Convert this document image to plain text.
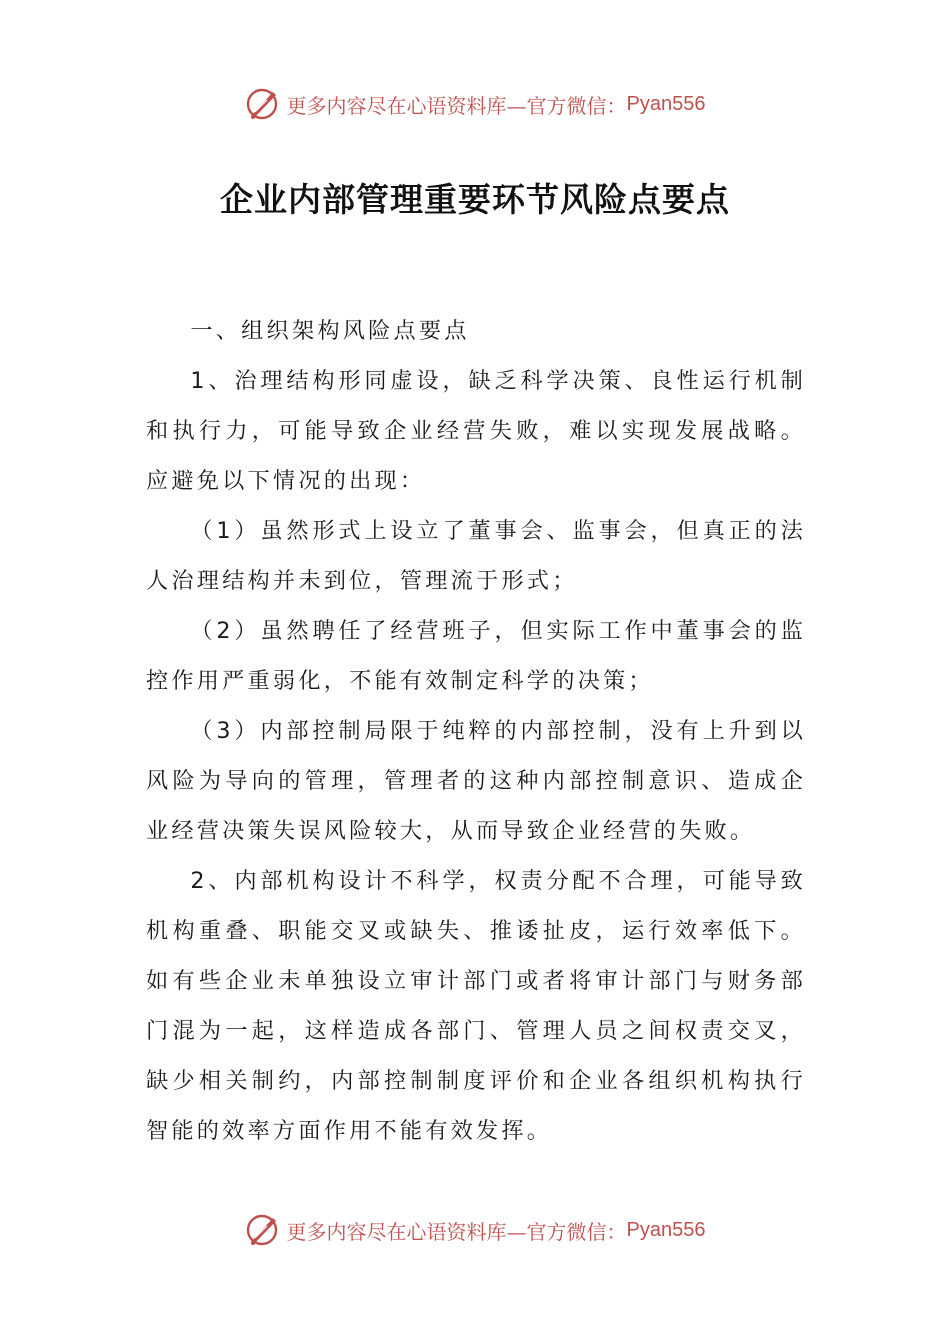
更多内容尽在心语资料库—官方微信： Pyan556
企业内部管理重要环节风险点要点

一、组织架构风险点要点

1、治理结构形同虚设，缺乏科学决策、良性运行机制和执行力，可能导致企业经营失败，难以实现发展战略。应避免以下情况的出现：

（1）虽然形式上设立了董事会、监事会，但真正的法人治理结构并未到位，管理流于形式；

（2）虽然聘任了经营班子，但实际工作中董事会的监控作用严重弱化，不能有效制定科学的决策；

（3）内部控制局限于纯粹的内部控制，没有上升到以风险为导向的管理，管理者的这种内部控制意识、造成企业经营决策失误风险较大，从而导致企业经营的失败。

2、内部机构设计不科学，权责分配不合理，可能导致机构重叠、职能交叉或缺失、推诿扯皮，运行效率低下。如有些企业未单独设立审计部门或者将审计部门与财务部门混为一起，这样造成各部门、管理人员之间权责交叉，缺少相关制约，内部控制制度评价和企业各组织机构执行智能的效率方面作用不能有效发挥。

更多内容尽在心语资料库—官方微信： Pyan556
